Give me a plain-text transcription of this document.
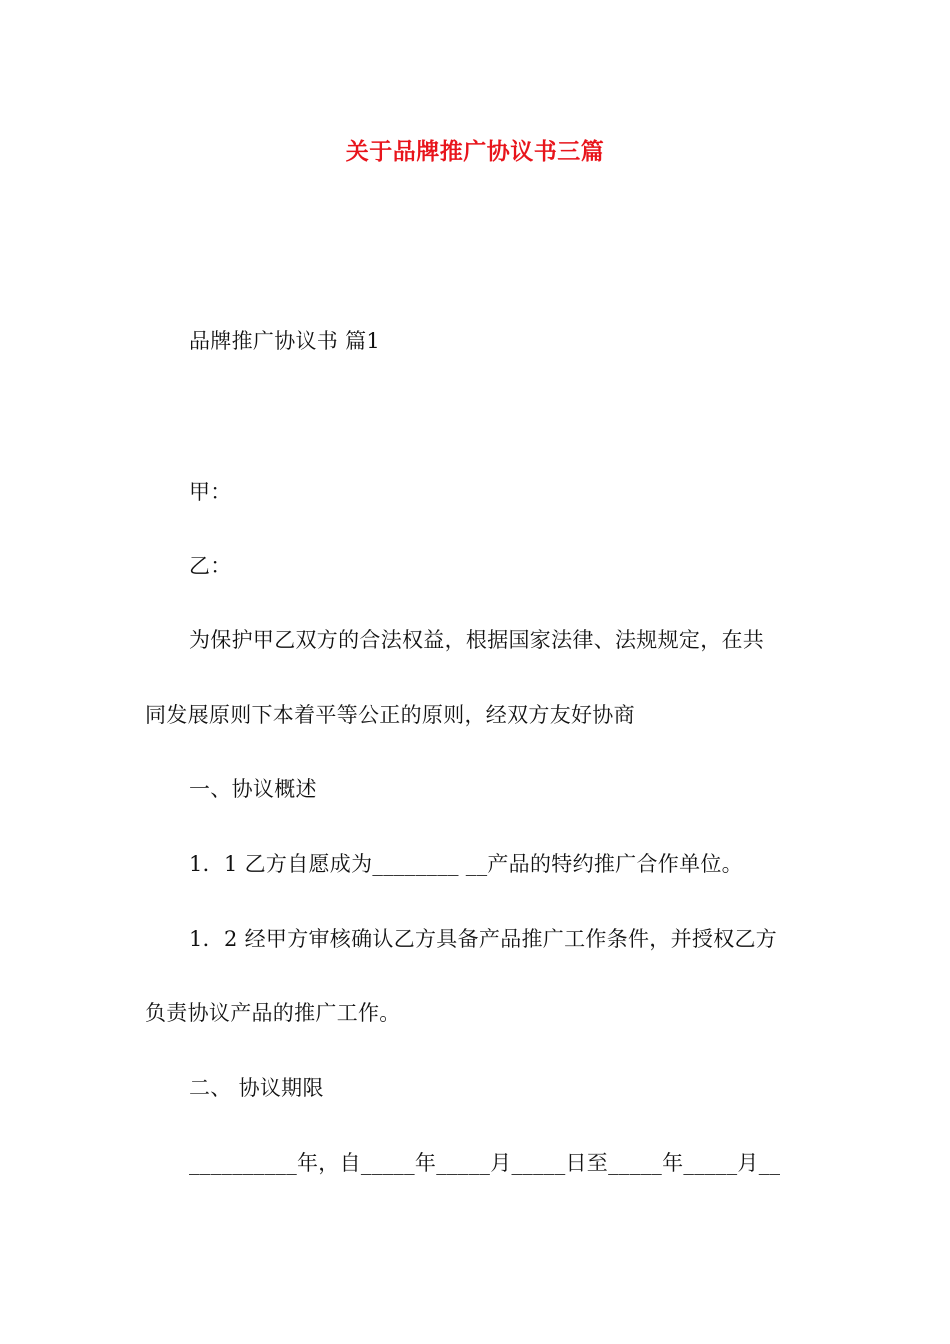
关于品牌推广协议书三篇
品牌推广协议书 篇1
甲：
乙：
为保护甲乙双方的合法权益，根据国家法律、法规规定，在共
同发展原则下本着平等公正的原则，经双方友好协商
一、协议概述
1．1 乙方自愿成为________ __产品的特约推广合作单位。
1．2 经甲方审核确认乙方具备产品推广工作条件，并授权乙方
负责协议产品的推广工作。
二、 协议期限
__________年，自_____年_____月_____日至_____年_____月__
